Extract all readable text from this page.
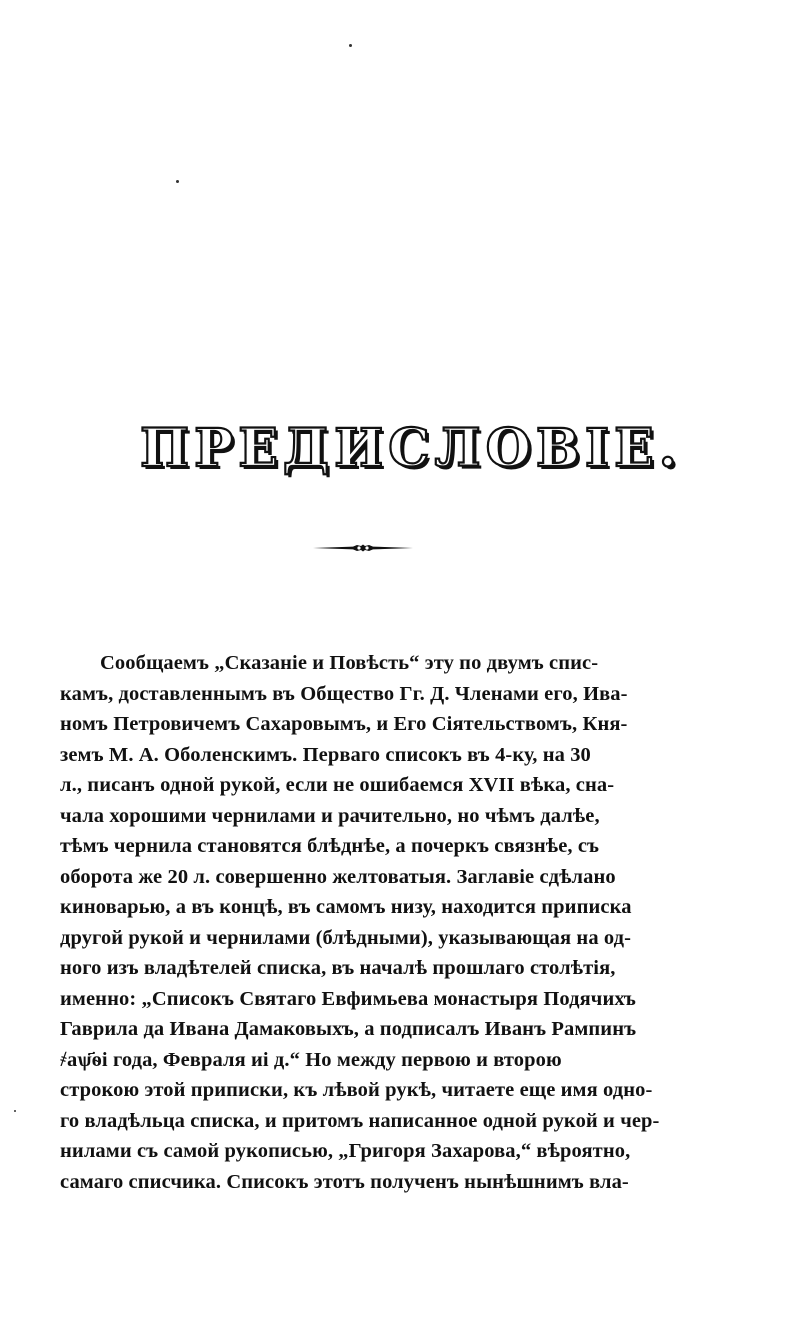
ПРЕДИСЛОВІЕ.
Сообщаемъ „Сказаніе и Повѣсть“ эту по двумъ спис-
камъ, доставленнымъ въ Общество Гг. Д. Членами его, Ива-
номъ Петровичемъ Сахаровымъ, и Его Сіятельствомъ, Кня-
земъ М. А. Оболенскимъ. Перваго списокъ въ 4-ку, на 30
л., писанъ одной рукой, если не ошибаемся XVII вѣка, сна-
чала хорошими чернилами и рачительно, но чѣмъ далѣе,
тѣмъ чернила становятся блѣднѣе, а почеркъ связнѣе, съ
оборота же 20 л. совершенно желтоватыя. Заглавіе сдѣлано
киноварью, а въ концѣ, въ самомъ низу, находится приписка
другой рукой и чернилами (блѣдными), указывающая на од-
ного изъ владѣтелей списка, въ началѣ прошлаго столѣтія,
именно: „Списокъ Святаго Евфимьева монастыря Подячихъ
Гаврила да Ивана Дамаковыхъ, а подписалъ Иванъ Рампинъ
҂аѱ҃ѳі года, Февраля иі д.“ Но между первою и второю
строкою этой приписки, къ лѣвой рукѣ, читаете еще имя одно-
го владѣльца списка, и притомъ написанное одной рукой и чер-
нилами съ самой рукописью, „Григоря Захарова,“ вѣроятно,
самаго списчика. Списокъ этотъ полученъ нынѣшнимъ вла-
